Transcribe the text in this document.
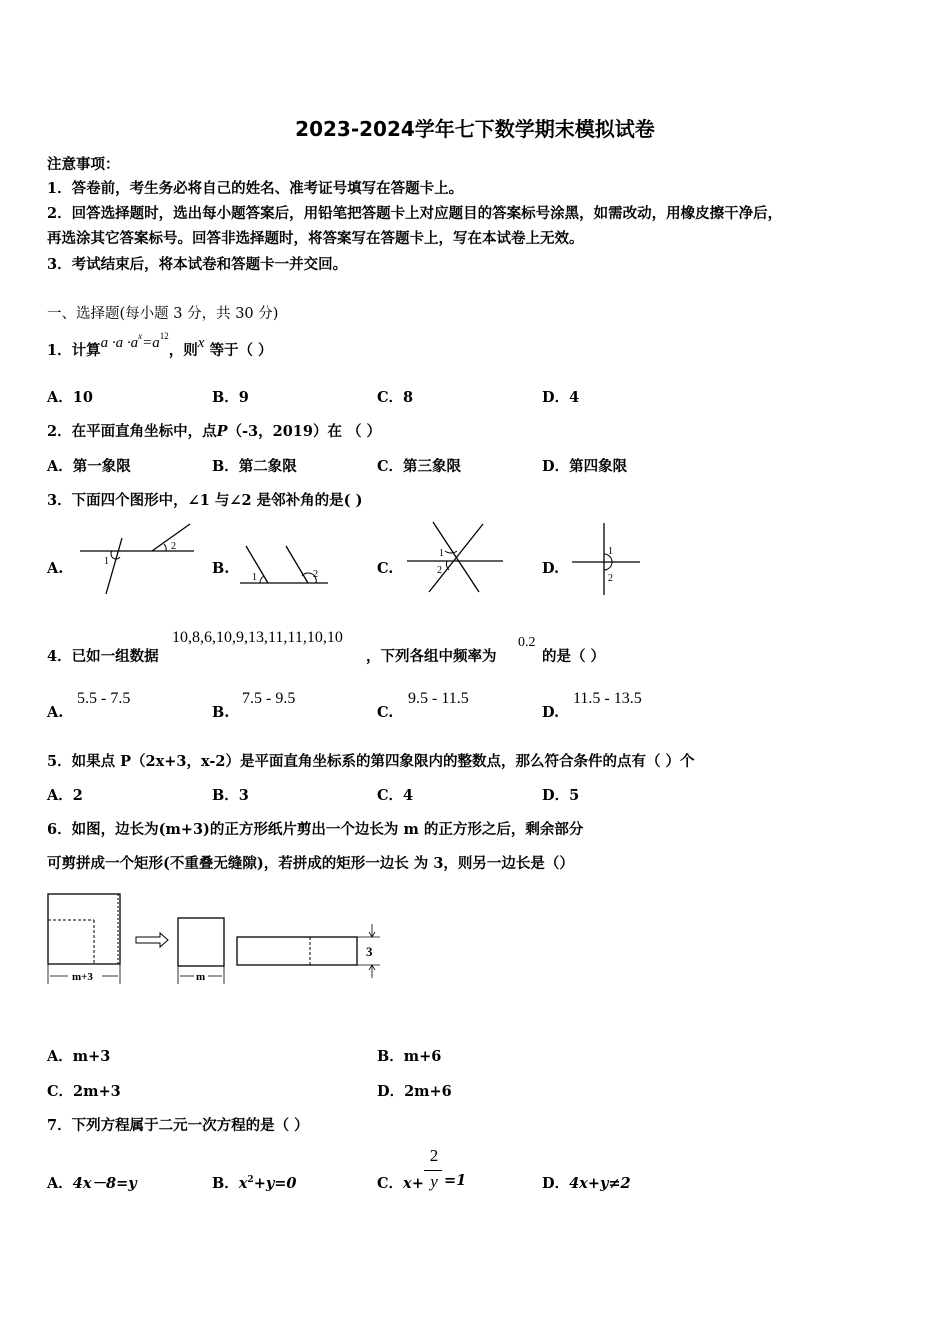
2023-2024学年七下数学期末模拟试卷
注意事项：
1．答卷前，考生务必将自己的姓名、准考证号填写在答题卡上。
2．回答选择题时，选出每小题答案后，用铅笔把答题卡上对应题目的答案标号涂黑，如需改动，用橡皮擦干净后，
再选涂其它答案标号。回答非选择题时，将答案写在答题卡上，写在本试卷上无效。
3．考试结束后，将本试卷和答题卡一并交回。
一、选择题(每小题 3 分，共 30 分)
1．计算$a \cdot a \cdot a^x=a^{12}$，则x 等于（ ）
A．10	B．9	C．8	D．4
2．在平面直角坐标中，点P（-3，2019）在 （ ）
A．第一象限	B．第二象限	C．第三象限	D．第四象限
3．下面四个图形中，∠1 与∠2 是邻补角的是( )
A.	B.	C.	D.
1
2
1	2
1
2
1
2
4．已如一组数据
10,8,6,10,9,13,11,11,10,10
，下列各组中频率为
0.2
的是（ ）
A.
5.5 - 7.5
B.
7.5 - 9.5
C.
9.5 - 11.5
D.
11.5 - 13.5
5．如果点 P（2x+3，x-2）是平面直角坐标系的第四象限内的整数点，那么符合条件的点有（ ）个
A．2	B．3	C．4	D．5
6．如图，边长为(m+3)的正方形纸片剪出一个边长为 m 的正方形之后，剩余部分
可剪拼成一个矩形(不重叠无缝隙)，若拼成的矩形一边长 为 3，则另一边长是（）
m+3	m
3
A．m+3	B．m+6
C．2m+3	D．2m+6
7．下列方程属于二元一次方程的是（ ）
A．4x－8=y	B．$x^2+y=0$	C．x+
2
y =1	D．4x+y≠2
